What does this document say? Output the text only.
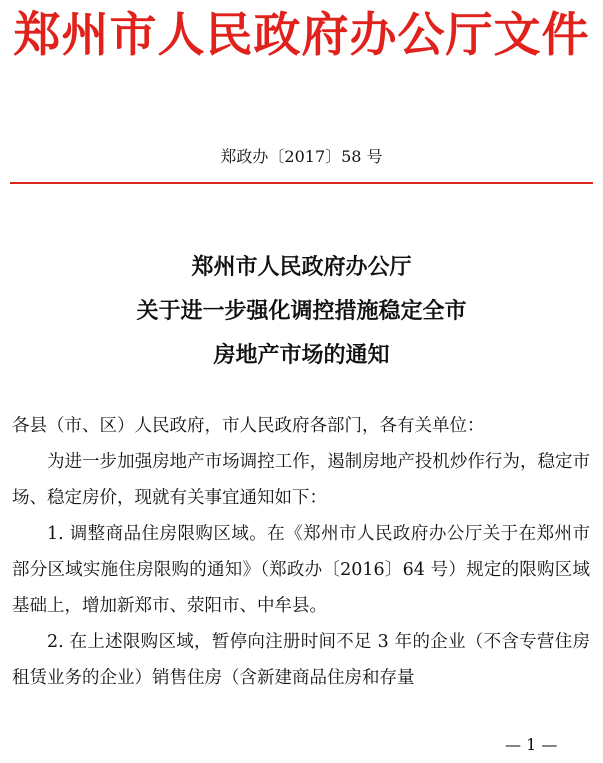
郑州市人民政府办公厅文件
郑政办〔2017〕58 号
郑州市人民政府办公厅
关于进一步强化调控措施稳定全市
房地产市场的通知

各县（市、区）人民政府，市人民政府各部门，各有关单位：

为进一步加强房地产市场调控工作，遏制房地产投机炒作行为，稳定市场、稳定房价，现就有关事宜通知如下：

1. 调整商品住房限购区域。在《郑州市人民政府办公厅关于在郑州市部分区域实施住房限购的通知》（郑政办〔2016〕64 号）规定的限购区域基础上，增加新郑市、荥阳市、中牟县。

2. 在上述限购区域，暂停向注册时间不足 3 年的企业（不含专营住房租赁业务的企业）销售住房（含新建商品住房和存量

— 1 —
